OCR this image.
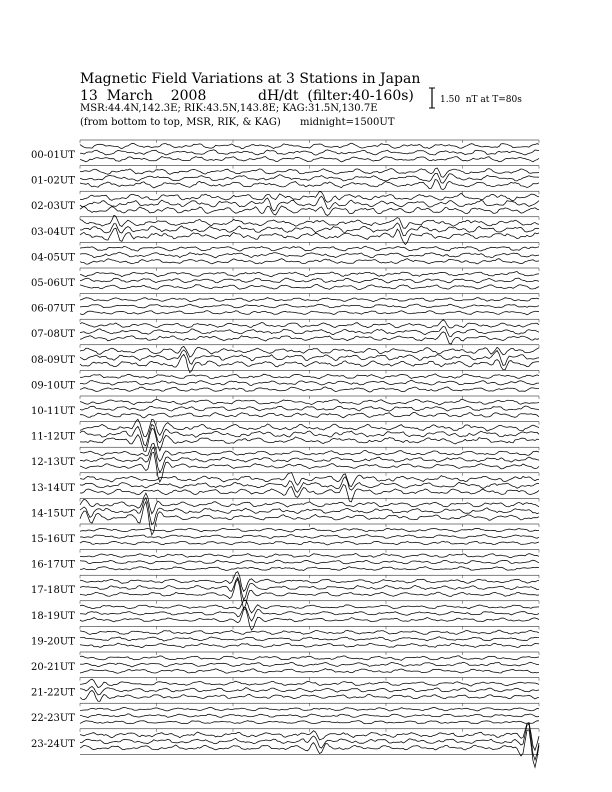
Magnetic Field Variations at 3 Stations in Japan
13  March    2008	dH/dt  (filter:40-160s)
MSR:44.4N,142.3E; RIK:43.5N,143.8E; KAG:31.5N,130.7E
(from bottom to top, MSR, RIK, & KAG) midnight=1500UT
1.50  nT at T=80s
00-01UT
01-02UT
02-03UT
03-04UT
04-05UT
05-06UT
06-07UT
07-08UT
08-09UT
09-10UT
10-11UT
11-12UT
12-13UT
13-14UT
14-15UT
15-16UT
16-17UT
17-18UT
18-19UT
19-20UT
20-21UT
21-22UT
22-23UT
23-24UT
